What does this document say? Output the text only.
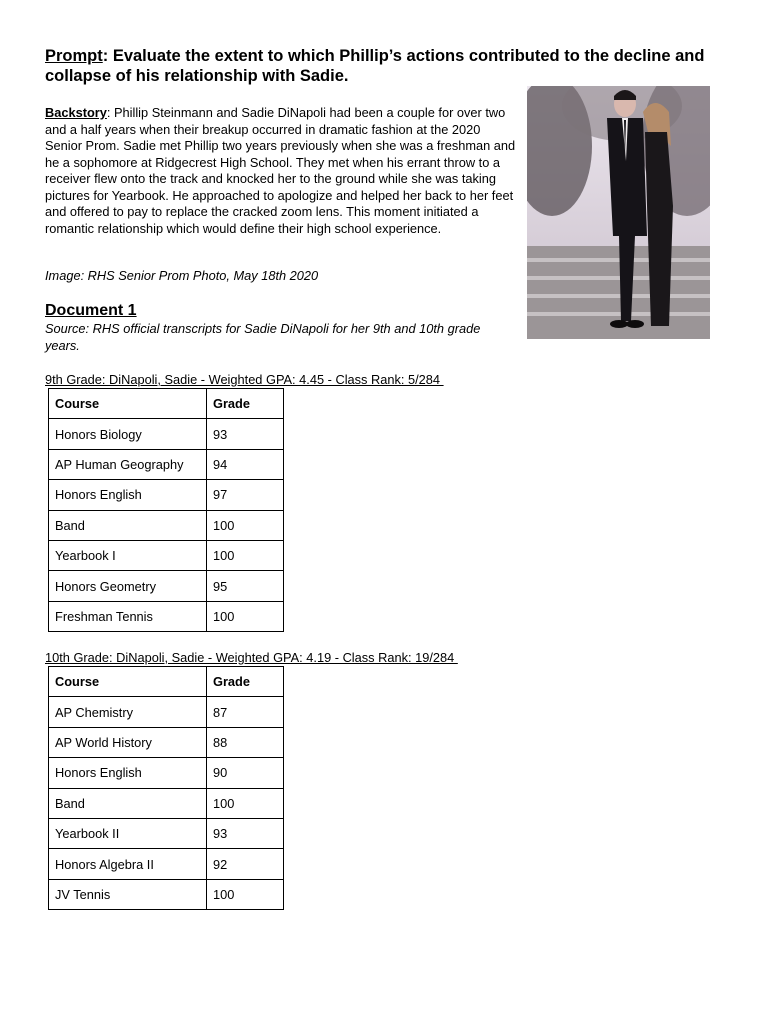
Prompt: Evaluate the extent to which Phillip’s actions contributed to the decline and collapse of his relationship with Sadie.
Backstory: Phillip Steinmann and Sadie DiNapoli had been a couple for over two and a half years when their breakup occurred in dramatic fashion at the 2020 Senior Prom. Sadie met Phillip two years previously when she was a freshman and he a sophomore at Ridgecrest High School. They met when his errant throw to a receiver flew onto the track and knocked her to the ground while she was taking pictures for Yearbook. He approached to apologize and helped her back to her feet and offered to pay to replace the cracked zoom lens. This moment initiated a romantic relationship which would define their high school experience.
Image: RHS Senior Prom Photo, May 18th 2020
Document 1
Source: RHS official transcripts for Sadie DiNapoli for her 9th and 10th grade years.
9th Grade: DiNapoli, Sadie - Weighted GPA: 4.45 - Class Rank: 5/284
Course	Grade
Honors Biology	93
AP Human Geography	94
Honors English	97
Band	100
Yearbook I	100
Honors Geometry	95
Freshman Tennis	100
10th Grade: DiNapoli, Sadie - Weighted GPA: 4.19 - Class Rank: 19/284
Course	Grade
AP Chemistry	87
AP World History	88
Honors English	90
Band	100
Yearbook II	93
Honors Algebra II	92
JV Tennis	100
